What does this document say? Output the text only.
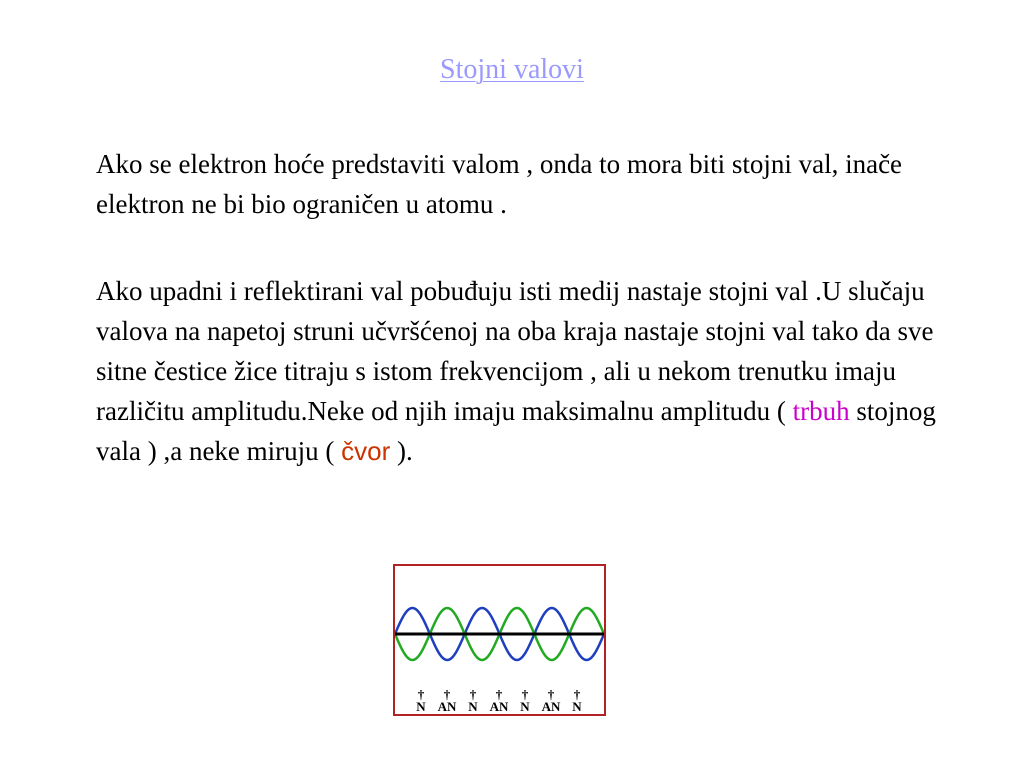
Stojni valovi

Ako se elektron hoće predstaviti valom , onda to mora biti stojni val, inače elektron ne bi bio ograničen u atomu .

Ako upadni i reflektirani val pobuđuju isti medij nastaje stojni val .U slučaju valova na napetoj struni učvršćenoj na oba kraja nastaje stojni val tako da sve sitne čestice žice titraju s istom frekvencijom , ali u nekom trenutku imaju različitu amplitudu.Neke od njih imaju maksimalnu amplitudu ( trbuh stojnog vala ) ,a neke miruju ( čvor ).

†
N
†
AN
†
N
†
AN
†
N
†
AN
†
N
